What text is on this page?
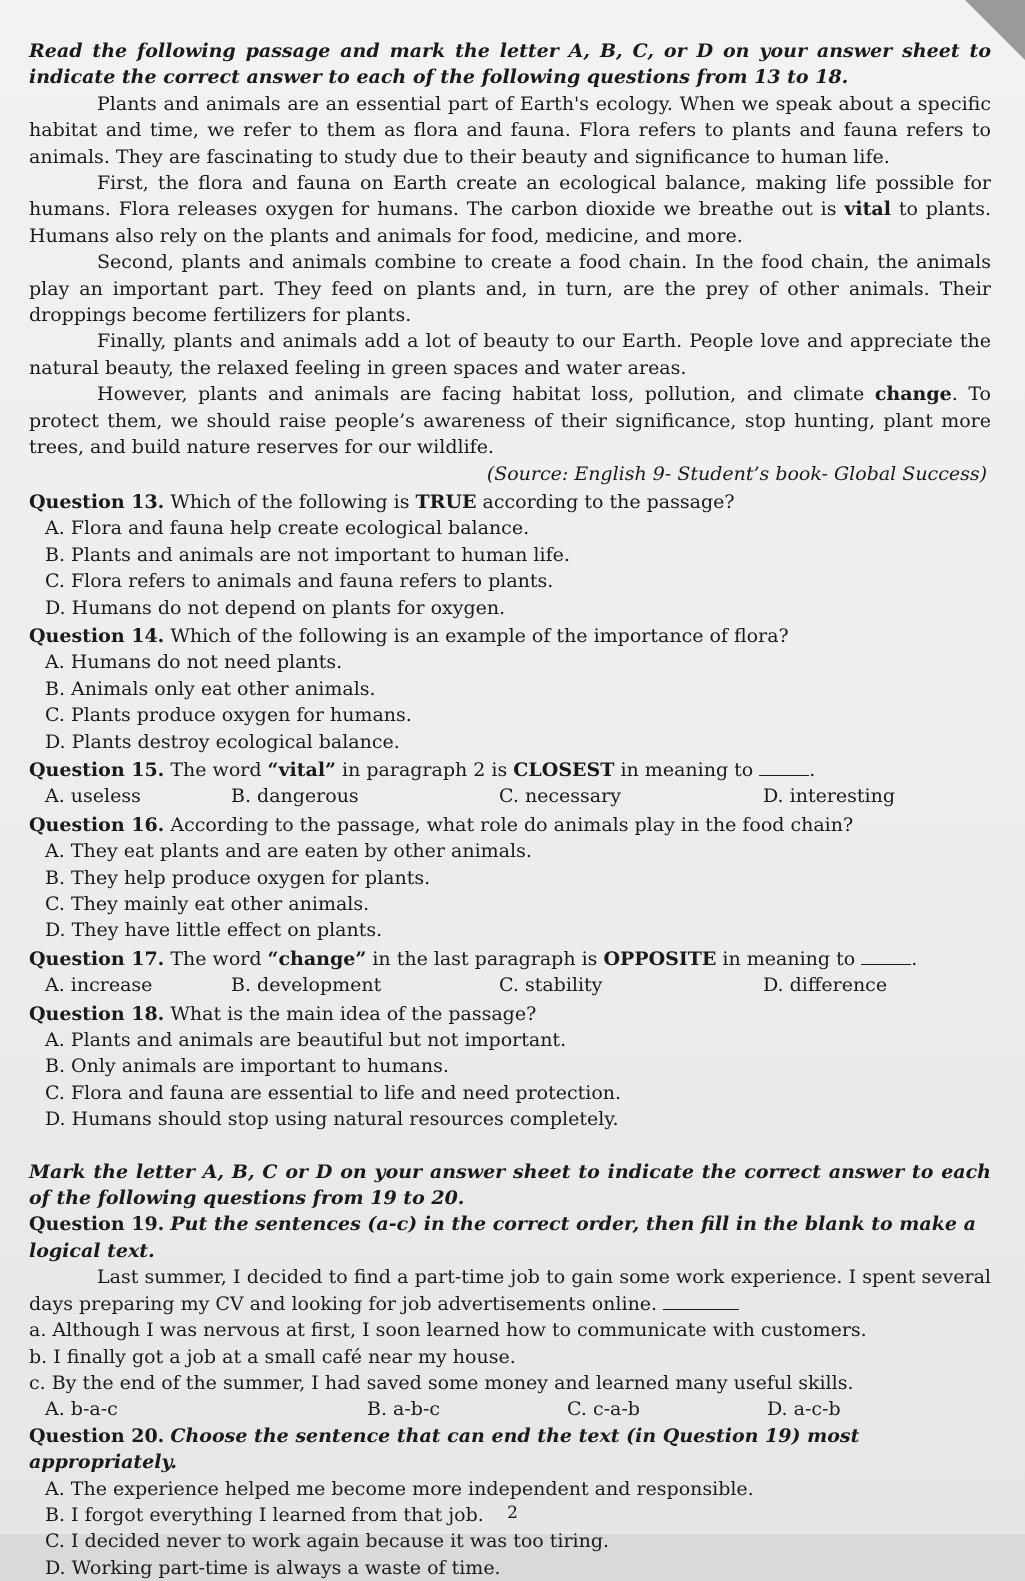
Read the following passage and mark the letter A, B, C, or D on your answer sheet to indicate the correct answer to each of the following questions from 13 to 18.
Plants and animals are an essential part of Earth's ecology. When we speak about a specific habitat and time, we refer to them as flora and fauna. Flora refers to plants and fauna refers to animals. They are fascinating to study due to their beauty and significance to human life.
First, the flora and fauna on Earth create an ecological balance, making life possible for humans. Flora releases oxygen for humans. The carbon dioxide we breathe out is vital to plants. Humans also rely on the plants and animals for food, medicine, and more.
Second, plants and animals combine to create a food chain. In the food chain, the animals play an important part. They feed on plants and, in turn, are the prey of other animals. Their droppings become fertilizers for plants.
Finally, plants and animals add a lot of beauty to our Earth. People love and appreciate the natural beauty, the relaxed feeling in green spaces and water areas.
However, plants and animals are facing habitat loss, pollution, and climate change. To protect them, we should raise people’s awareness of their significance, stop hunting, plant more trees, and build nature reserves for our wildlife.
(Source: English 9- Student’s book- Global Success)
Question 13. Which of the following is TRUE according to the passage?
A. Flora and fauna help create ecological balance.
B. Plants and animals are not important to human life.
C. Flora refers to animals and fauna refers to plants.
D. Humans do not depend on plants for oxygen.
Question 14. Which of the following is an example of the importance of flora?
A. Humans do not need plants.
B. Animals only eat other animals.
C. Plants produce oxygen for humans.
D. Plants destroy ecological balance.
Question 15. The word “vital” in paragraph 2 is CLOSEST in meaning to	.
A. useless	B. dangerous	C. necessary	D. interesting
Question 16. According to the passage, what role do animals play in the food chain?
A. They eat plants and are eaten by other animals.
B. They help produce oxygen for plants.
C. They mainly eat other animals.
D. They have little effect on plants.
Question 17. The word “change” in the last paragraph is OPPOSITE in meaning to	.
A. increase	B. development	C. stability	D. difference
Question 18. What is the main idea of the passage?
A. Plants and animals are beautiful but not important.
B. Only animals are important to humans.
C. Flora and fauna are essential to life and need protection.
D. Humans should stop using natural resources completely.
Mark the letter A, B, C or D on your answer sheet to indicate the correct answer to each of the following questions from 19 to 20.
Question 19. Put the sentences (a-c) in the correct order, then fill in the blank to make a logical text.
Last summer, I decided to find a part-time job to gain some work experience. I spent several days preparing my CV and looking for job advertisements online.
a. Although I was nervous at first, I soon learned how to communicate with customers.
b. I finally got a job at a small café near my house.
c. By the end of the summer, I had saved some money and learned many useful skills.
A. b-a-c	B. a-b-c	C. c-a-b	D. a-c-b
Question 20. Choose the sentence that can end the text (in Question 19) most appropriately.
A. The experience helped me become more independent and responsible.
B. I forgot everything I learned from that job.
C. I decided never to work again because it was too tiring.
D. Working part-time is always a waste of time.
2
